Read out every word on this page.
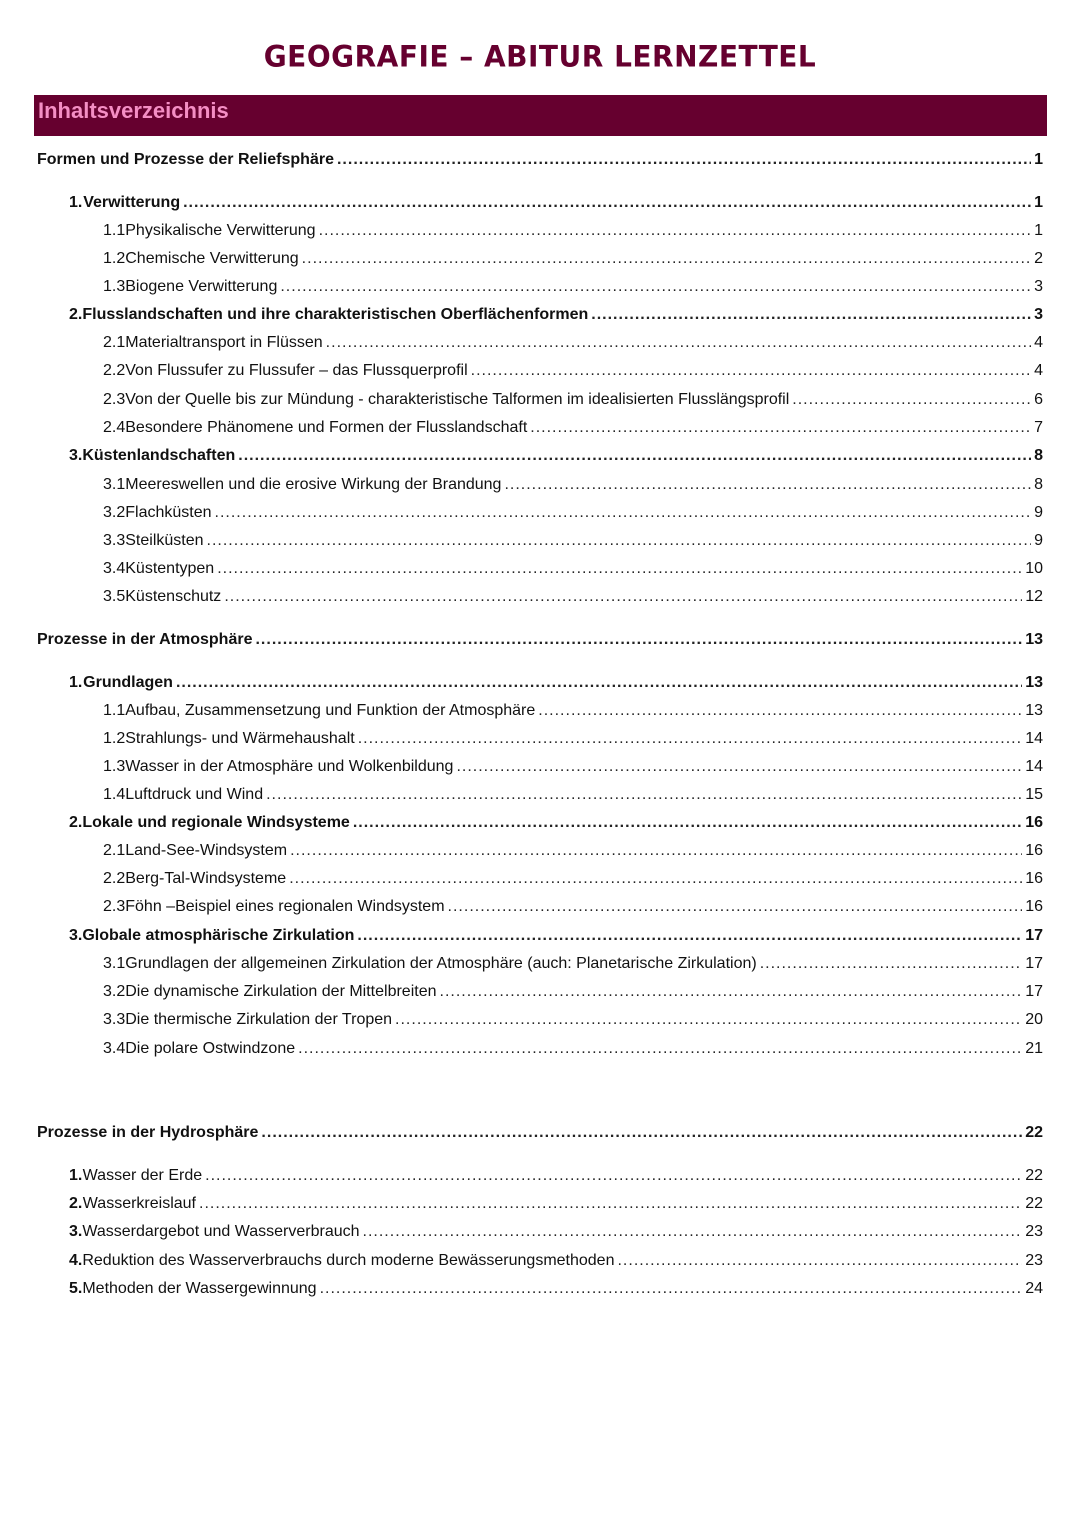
GEOGRAFIE – ABITUR LERNZETTEL
Inhaltsverzeichnis
Formen und Prozesse der Reliefsphäre .....	1
1. Verwitterung .....	1
1.1 Physikalische Verwitterung .....	1
1.2 Chemische Verwitterung .....	2
1.3 Biogene Verwitterung .....	3
2. Flusslandschaften und ihre charakteristischen Oberflächenformen .....	3
2.1 Materialtransport in Flüssen .....	4
2.2 Von Flussufer zu Flussufer – das Flussquerprofil .....	4
2.3 Von der Quelle bis zur Mündung - charakteristische Talformen im idealisierten Flusslängsprofil .....	6
2.4 Besondere Phänomene und Formen der Flusslandschaft .....	7
3. Küstenlandschaften .....	8
3.1 Meereswellen und die erosive Wirkung der Brandung .....	8
3.2 Flachküsten .....	9
3.3 Steilküsten .....	9
3.4 Küstentypen .....	10
3.5 Küstenschutz .....	12
Prozesse in der Atmosphäre .....	13
1. Grundlagen .....	13
1.1 Aufbau, Zusammensetzung und Funktion der Atmosphäre .....	13
1.2 Strahlungs- und Wärmehaushalt .....	14
1.3 Wasser in der Atmosphäre und Wolkenbildung .....	14
1.4 Luftdruck und Wind .....	15
2. Lokale und regionale Windsysteme .....	16
2.1 Land-See-Windsystem .....	16
2.2 Berg-Tal-Windsysteme .....	16
2.3 Föhn –Beispiel eines regionalen Windsystem .....	16
3. Globale atmosphärische Zirkulation .....	17
3.1 Grundlagen der allgemeinen Zirkulation der Atmosphäre (auch: Planetarische Zirkulation) .....	17
3.2 Die dynamische Zirkulation der Mittelbreiten .....	17
3.3 Die thermische Zirkulation der Tropen .....	20
3.4 Die polare Ostwindzone .....	21
Prozesse in der Hydrosphäre .....	22
1. Wasser der Erde .....	22
2. Wasserkreislauf .....	22
3. Wasserdargebot und Wasserverbrauch .....	23
4. Reduktion des Wasserverbrauchs durch moderne Bewässerungsmethoden .....	23
5. Methoden der Wassergewinnung .....	24
